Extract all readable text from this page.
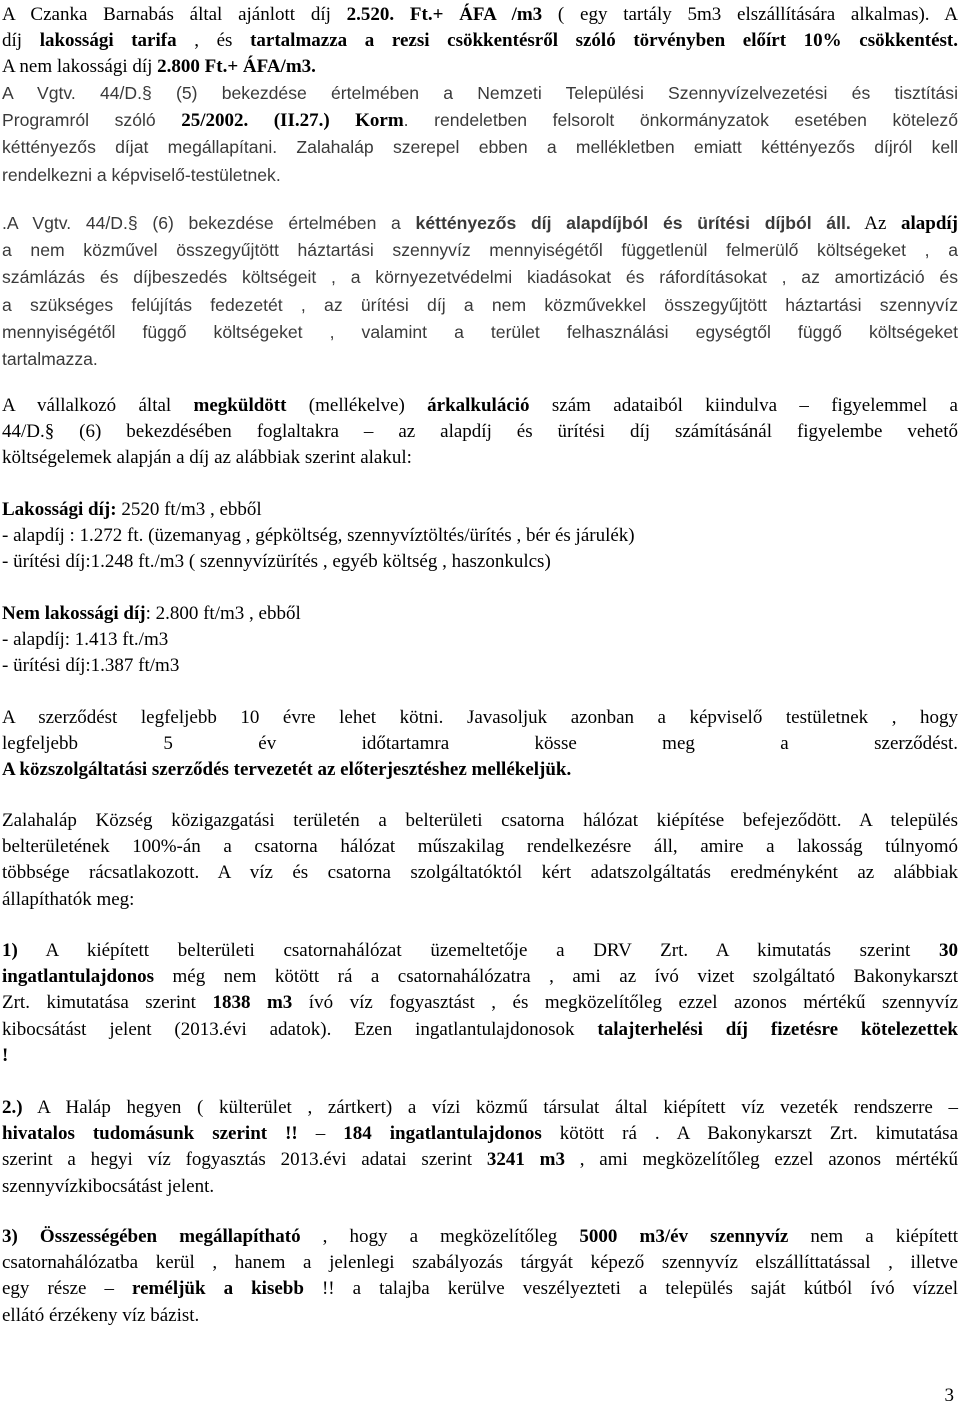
A Czanka Barnabás által ajánlott díj 2.520. Ft.+ ÁFA /m3 ( egy tartály 5m3 elszállítására alkalmas). A
díj lakossági tarifa , és tartalmazza a rezsi csökkentésről szóló törvényben előírt 10% csökkentést.
A nem lakossági díj 2.800 Ft.+ ÁFA/m3.
A Vgtv. 44/D.§ (5) bekezdése értelmében a Nemzeti Települési Szennyvízelvezetési és tisztítási
Programról szóló 25/2002. (II.27.) Korm. rendeletben felsorolt önkormányzatok esetében kötelező
kéttényezős díjat megállapítani. Zalahaláp szerepel ebben a mellékletben emiatt kéttényezős díjról kell
rendelkezni a képviselő-testületnek.
.A Vgtv. 44/D.§ (6) bekezdése értelmében a kéttényezős díj alapdíjból és ürítési díjból áll. Az alapdíj
a nem közművel összegyűjtött háztartási szennyvíz mennyiségétől függetlenül felmerülő költségeket , a
számlázás és díjbeszedés költségeit , a környezetvédelmi kiadásokat és ráfordításokat , az amortizáció és
a szükséges felújítás fedezetét , az ürítési díj a nem közművekkel összegyűjtött háztartási szennyvíz
mennyiségétől függő költségeket , valamint a terület felhasználási egységtől függő költségeket
tartalmazza.
A vállalkozó által megküldött (mellékelve) árkalkuláció szám adataiból kiindulva – figyelemmel a
44/D.§ (6) bekezdésében foglaltakra – az alapdíj és ürítési díj számításánál figyelembe vehető
költségelemek alapján a díj az alábbiak szerint alakul:
Lakossági díj: 2520 ft/m3 , ebből
- alapdíj : 1.272 ft. (üzemanyag , gépköltség, szennyvíztöltés/ürítés , bér és járulék)
- ürítési díj:1.248 ft./m3 ( szennyvízürítés , egyéb költség , haszonkulcs)
Nem lakossági díj: 2.800 ft/m3 , ebből
- alapdíj: 1.413 ft./m3
- ürítési díj:1.387 ft/m3
A szerződést legfeljebb 10 évre lehet kötni. Javasoljuk azonban a képviselő testületnek , hogy
legfeljebb 5 év időtartamra kösse meg a szerződést.
A közszolgáltatási szerződés tervezetét az előterjesztéshez mellékeljük.
Zalahaláp Község közigazgatási területén a belterületi csatorna hálózat kiépítése befejeződött. A település
belterületének 100%-án a csatorna hálózat műszakilag rendelkezésre áll, amire a lakosság túlnyomó
többsége rácsatlakozott. A víz és csatorna szolgáltatóktól kért adatszolgáltatás eredményként az alábbiak
állapíthatók meg:
1) A kiépített belterületi csatornahálózat üzemeltetője a DRV Zrt. A kimutatás szerint 30
ingatlantulajdonos még nem kötött rá a csatornahálózatra , ami az ívó vizet szolgáltató Bakonykarszt
Zrt. kimutatása szerint 1838 m3 ívó víz fogyasztást , és megközelítőleg ezzel azonos mértékű szennyvíz
kibocsátást jelent (2013.évi adatok). Ezen ingatlantulajdonosok talajterhelési díj fizetésre kötelezettek
!
2.) A Haláp hegyen ( külterület , zártkert) a vízi közmű társulat által kiépített víz vezeték rendszerre –
hivatalos tudomásunk szerint !! – 184 ingatlantulajdonos kötött rá . A Bakonykarszt Zrt. kimutatása
szerint a hegyi víz fogyasztás 2013.évi adatai szerint 3241 m3 , ami megközelítőleg ezzel azonos mértékű
szennyvízkibocsátást jelent.
3) Összességében megállapítható , hogy a megközelítőleg 5000 m3/év szennyvíz nem a kiépített
csatornahálózatba kerül , hanem a jelenlegi szabályozás tárgyát képező szennyvíz elszállíttatással , illetve
egy része – reméljük a kisebb !! a talajba kerülve veszélyezteti a település saját kútból ívó vízzel
ellátó érzékeny víz bázist.
3
